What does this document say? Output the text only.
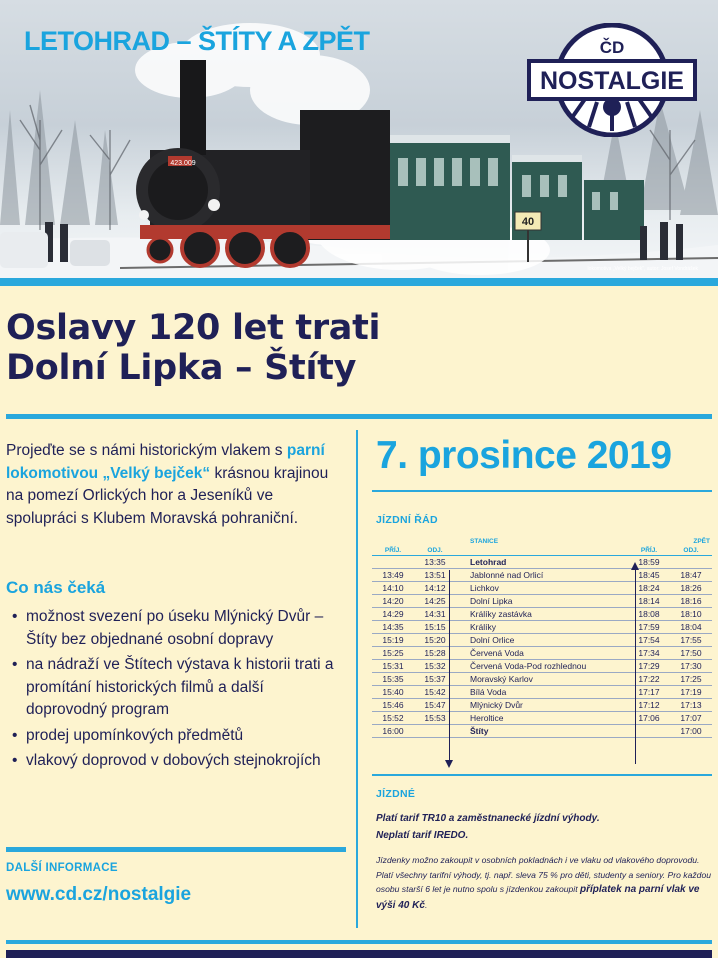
LETOHRAD – ŠTÍTY A ZPĚT	ČD
NOSTALGIE
423.009
40
lokomotiva „Velký bejček", autor: Josef Vondrášek
Oslavy 120 let trati
Dolní Lipka – Štíty

Projeďte se s námi historickým vlakem s parní lokomotivou „Velký bejček“ krásnou krajinou na pomezí Orlických hor a Jeseníků ve spolupráci s Klubem Moravská pohraniční.

Co nás čeká
• možnost svezení po úseku Mlýnický Dvůr – Štíty bez objednané osobní dopravy
• na nádraží ve Štítech výstava k historii trati a promítání historických filmů a další doprovodný program
• prodej upomínkových předmětů
• vlakový doprovod v dobových stejnokrojích

DALŠÍ INFORMACE

www.cd.cz/nostalgie

7. prosince 2019

JÍZDNÍ ŘÁD

			STANICE		ZPĚT	
PŘÍJ.	ODJ.				PŘÍJ.	ODJ.
	13:35		Letohrad		18:59	
13:49	13:51		Jablonné nad Orlicí		18:45	18:47
14:10	14:12		Lichkov		18:24	18:26
14:20	14:25		Dolní Lipka		18:14	18:16
14:29	14:31		Králíky zastávka		18:08	18:10
14:35	15:15		Králíky		17:59	18:04
15:19	15:20		Dolní Orlice		17:54	17:55
15:25	15:28		Červená Voda		17:34	17:50
15:31	15:32		Červená Voda-Pod rozhlednou		17:29	17:30
15:35	15:37		Moravský Karlov		17:22	17:25
15:40	15:42		Bílá Voda		17:17	17:19
15:46	15:47		Mlýnický Dvůr		17:12	17:13
15:52	15:53		Heroltice		17:06	17:07
16:00			Štíty			17:00

JÍZDNÉ

Platí tarif TR10 a zaměstnanecké jízdní výhody.
Neplatí tarif IREDO.

Jízdenky možno zakoupit v osobních pokladnách i ve vlaku od vlakového doprovodu. Platí všechny tarifní výhody, tj. např. sleva 75 % pro děti, studenty a seniory. Pro každou osobu starší 6 let je nutno spolu s jízdenkou zakoupit příplatek na parní vlak ve výši 40 Kč.
